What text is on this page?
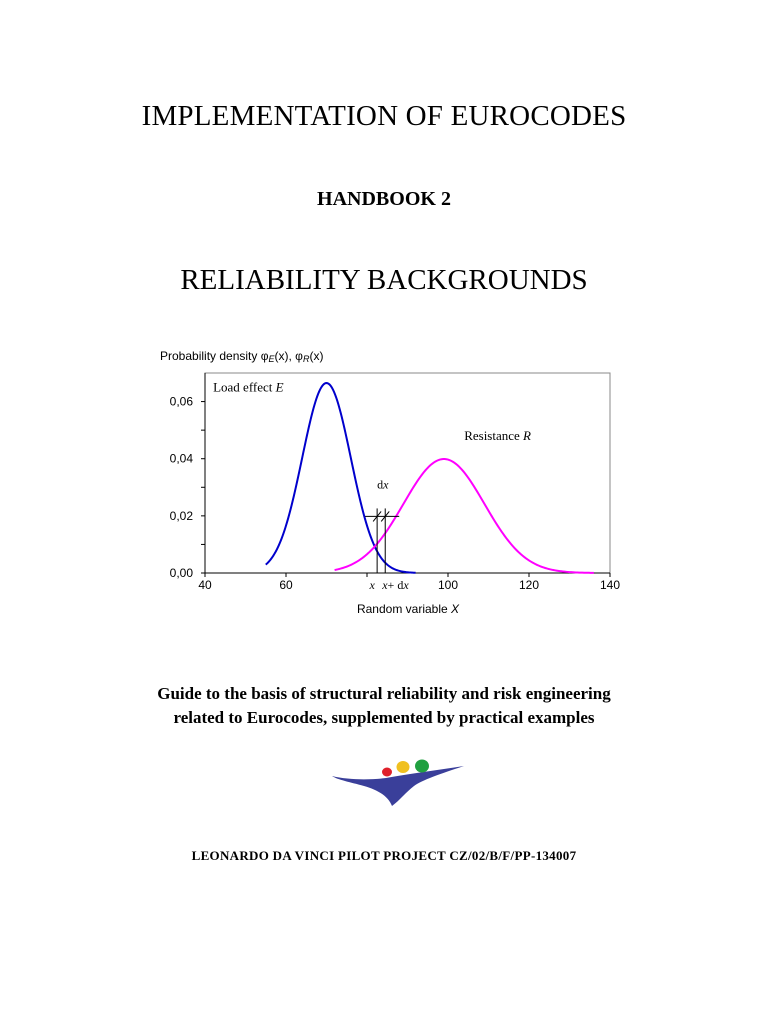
IMPLEMENTATION OF EUROCODES
HANDBOOK 2
RELIABILITY BACKGROUNDS
Probability density φE(x), φR(x)
0,00
0,02
0,04
0,06
40	60	100	120	140
Load effect E
Resistance R
dx
x x+ dx
Random variable X
Guide to the basis of structural reliability and risk engineering
related to Eurocodes, supplemented by practical examples
LEONARDO DA VINCI PILOT PROJECT CZ/02/B/F/PP-134007
